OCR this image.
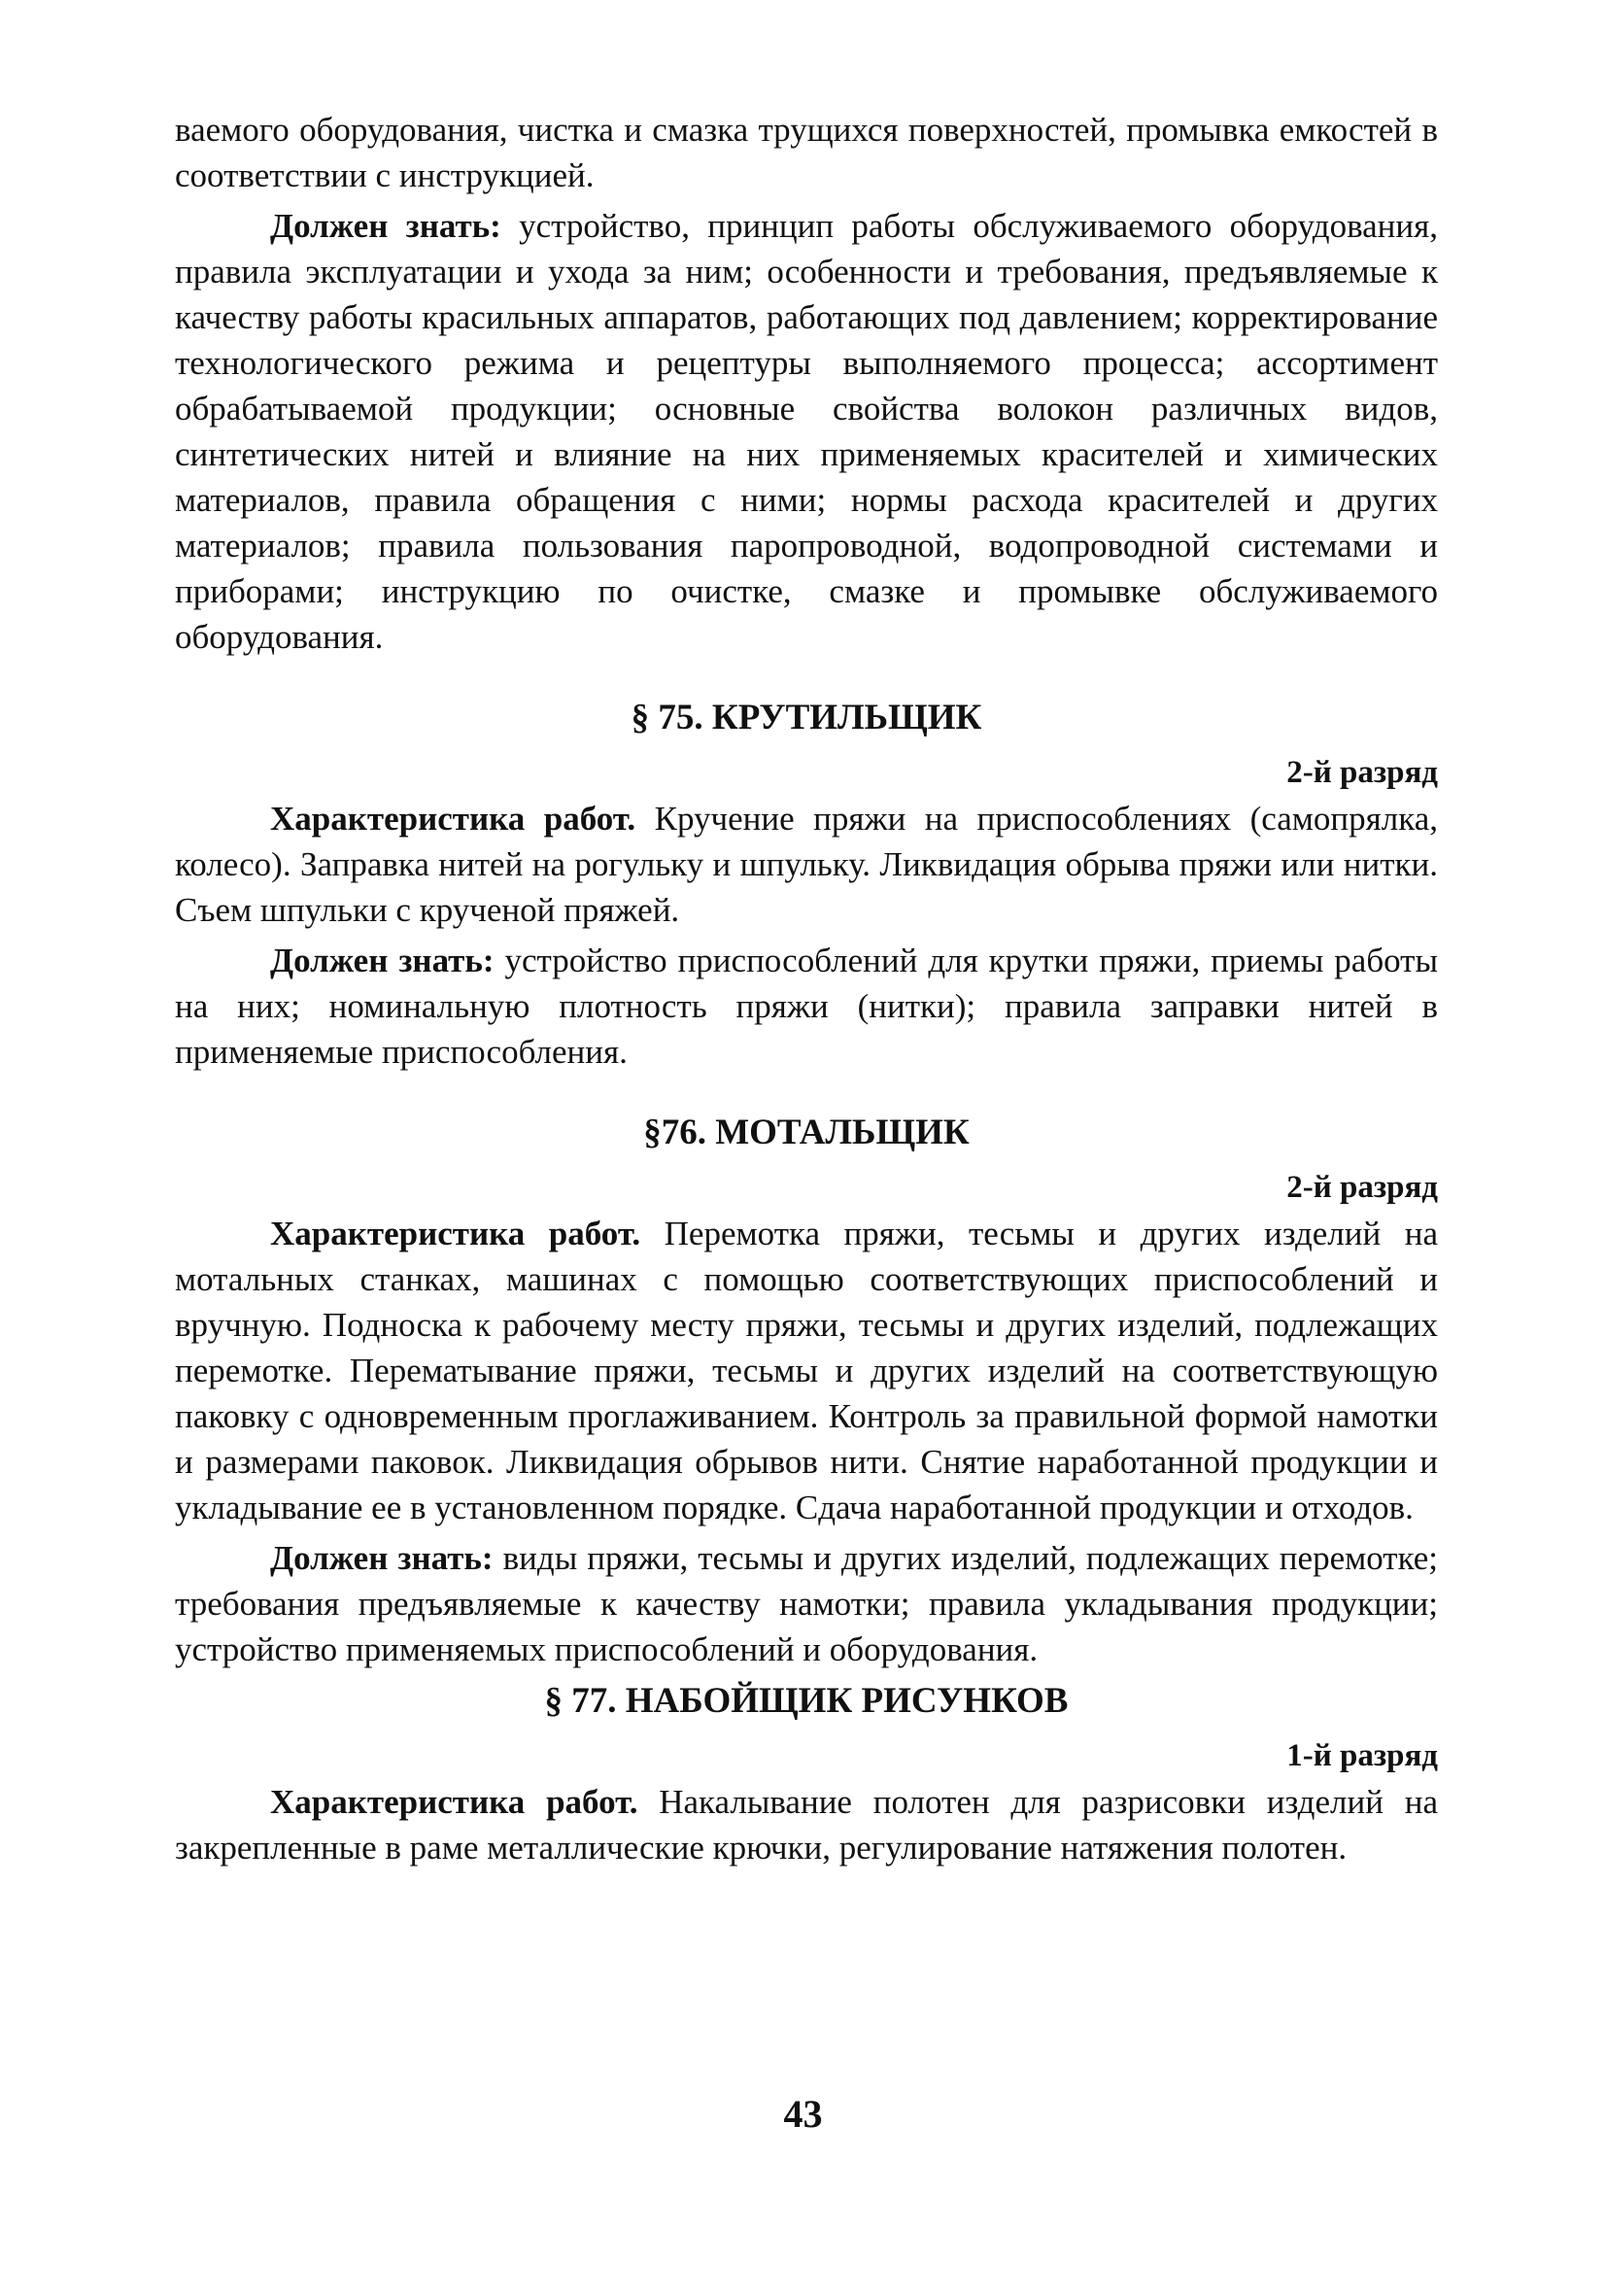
ваемого оборудования, чистка и смазка трущихся поверхностей, промывка емкостей в соответствии с инструкцией.

Должен знать: устройство, принцип работы обслуживаемого оборудования, правила эксплуатации и ухода за ним; особенности и требования, предъявляемые к качеству работы красильных аппаратов, работающих под давлением; корректирование технологического режима и рецептуры выполняемого процесса; ассортимент обрабатываемой продукции; основные свойства волокон различных видов, синтетических нитей и влияние на них применяемых красителей и химических материалов, правила обращения с ними; нормы расхода красителей и других материалов; правила пользования паропроводной, водопроводной системами и приборами; инструкцию по очистке, смазке и промывке обслуживаемого оборудования.

§ 75. КРУТИЛЬЩИК
2-й разряд

Характеристика работ. Кручение пряжи на приспособлениях (самопрялка, колесо). Заправка нитей на рогульку и шпульку. Ликвидация обрыва пряжи или нитки. Съем шпульки с крученой пряжей.

Должен знать: устройство приспособлений для крутки пряжи, приемы работы на них; номинальную плотность пряжи (нитки); правила заправки нитей в применяемые приспособления.

§76. МОТАЛЬЩИК
2-й разряд

Характеристика работ. Перемотка пряжи, тесьмы и других изделий на мотальных станках, машинах с помощью соответствующих приспособлений и вручную. Подноска к рабочему месту пряжи, тесьмы и других изделий, подлежащих перемотке. Перематывание пряжи, тесьмы и других изделий на соответствующую паковку с одновременным проглаживанием. Контроль за правильной формой намотки и размерами паковок. Ликвидация обрывов нити. Снятие наработанной продукции и укладывание ее в установленном порядке. Сдача наработанной продукции и отходов.

Должен знать: виды пряжи, тесьмы и других изделий, подлежащих перемотке; требования предъявляемые к качеству намотки; правила укладывания продукции; устройство применяемых приспособлений и оборудования.

§ 77. НАБОЙЩИК РИСУНКОВ
1-й разряд

Характеристика работ. Накалывание полотен для разрисовки изделий на закрепленные в раме металлические крючки, регулирование натяжения полотен.

43
